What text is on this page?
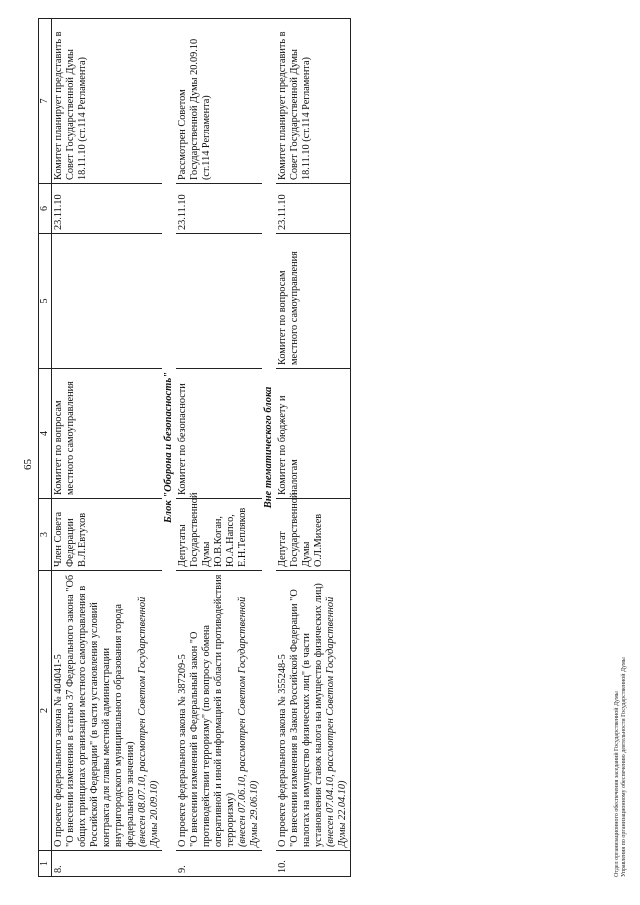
65
1	2	3	4	5	6	7
8.	О проекте федерального закона № 404041-5 "О внесении изменения в статью 37 Федерального закона "Об общих принципах организации местного самоуправления в Российской Федерации" (в части установления условий контракта для главы местной администрации внутригородского муниципального образования города федерального значения) (внесен 08.07.10, рассмотрен Советом Государственной Думы 20.09.10)	Член Совета Федерации В.Л.Евтухов	Комитет по вопросам местного самоуправления		23.11.10	Комитет планирует представить в Совет Государственной Думы 18.11.10 (ст.114 Регламента)
Блок "Оборона и безопасность"						
9.	О проекте федерального закона № 387209-5 "О внесении изменений в Федеральный закон "О противодействии терроризму" (по вопросу обмена оперативной и иной информацией в области противодействия терроризму) (внесен 07.06.10, рассмотрен Советом Государственной Думы 29.06.10)	Депутаты Государственной Думы Ю.В.Коган, Ю.А.Напсо, Е.Н.Тепляков	Комитет по безопасности		23.11.10	Рассмотрен Советом Государственной Думы 20.09.10 (ст.114 Регламента)
Вне тематического блока						
10.	О проекте федерального закона № 355248-5 "О внесении изменения в Закон Российской Федерации "О налогах на имущество физических лиц" (в части установления ставок налога на имущество физических лиц) (внесен 07.04.10, рассмотрен Советом Государственной Думы 22.04.10)	Депутат Государственной Думы О.Л.Михеев	Комитет по бюджету и налогам	Комитет по вопросам местного самоуправления	23.11.10	Комитет планирует представить в Совет Государственной Думы 18.11.10 (ст.114 Регламента)
Отдел организационного обеспечения заседаний Государственной Думы Управления по организационному обеспечению деятельности Государственной Думы
